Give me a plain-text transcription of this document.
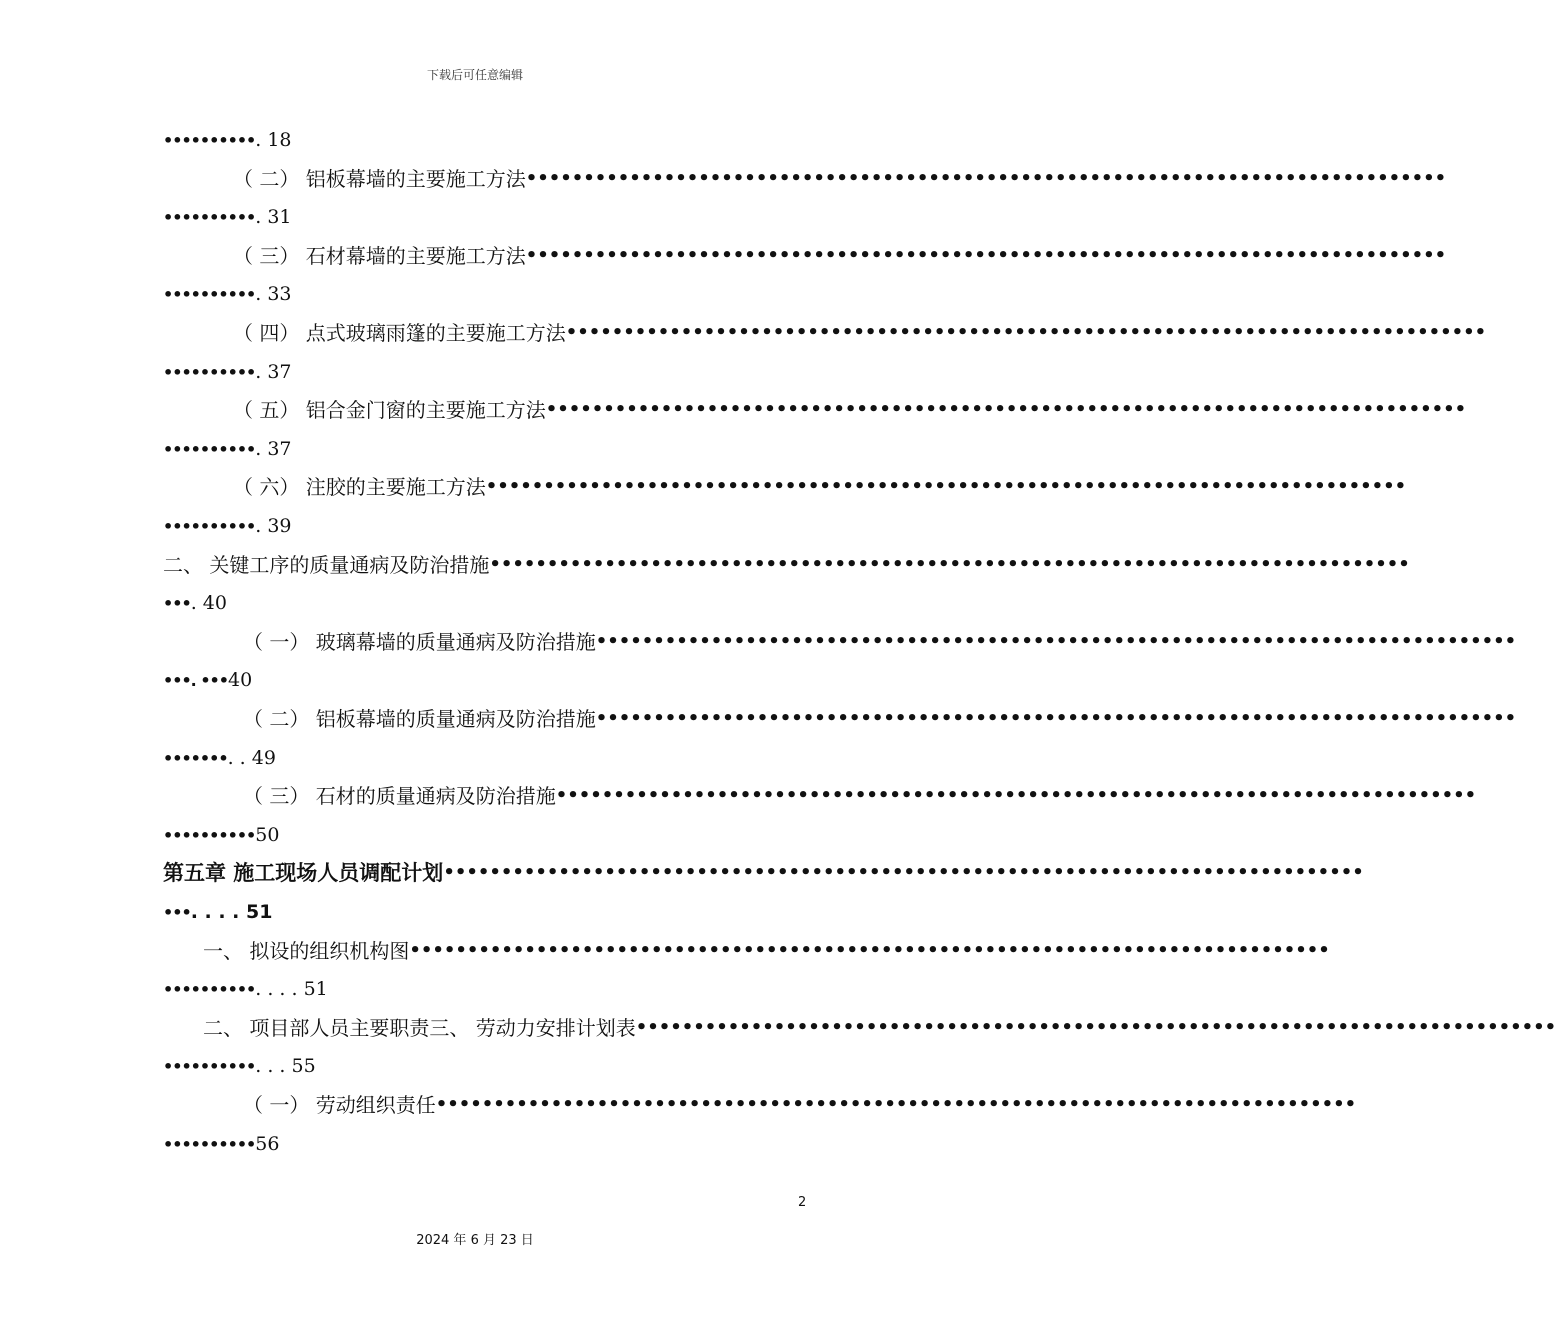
下载后可任意编辑
••••••••••. 18
（ 二） 铝板幕墙的主要施工方法 ••••••••••••••••••••••••••••••••••••••••••••••••••••••••••••••••••••••••••••••••
••••••••••. 31
（ 三） 石材幕墙的主要施工方法 ••••••••••••••••••••••••••••••••••••••••••••••••••••••••••••••••••••••••••••••••
••••••••••. 33
（ 四） 点式玻璃雨篷的主要施工方法 ••••••••••••••••••••••••••••••••••••••••••••••••••••••••••••••••••••••••••••••••
••••••••••. 37
（ 五） 铝合金门窗的主要施工方法 ••••••••••••••••••••••••••••••••••••••••••••••••••••••••••••••••••••••••••••••••
••••••••••. 37
（ 六） 注胶的主要施工方法 ••••••••••••••••••••••••••••••••••••••••••••••••••••••••••••••••••••••••••••••••
••••••••••. 39
二、 关键工序的质量通病及防治措施 ••••••••••••••••••••••••••••••••••••••••••••••••••••••••••••••••••••••••••••••••
•••. 40
（ 一） 玻璃幕墙的质量通病及防治措施 ••••••••••••••••••••••••••••••••••••••••••••••••••••••••••••••••••••••••••••••••
•••. •••40
（ 二） 铝板幕墙的质量通病及防治措施 ••••••••••••••••••••••••••••••••••••••••••••••••••••••••••••••••••••••••••••••••
•••••••. . 49
（ 三） 石材的质量通病及防治措施 ••••••••••••••••••••••••••••••••••••••••••••••••••••••••••••••••••••••••••••••••
••••••••••50
第五章 施工现场人员调配计划 ••••••••••••••••••••••••••••••••••••••••••••••••••••••••••••••••••••••••••••••••
•••. . . . 51
一、 拟设的组织机构图 ••••••••••••••••••••••••••••••••••••••••••••••••••••••••••••••••••••••••••••••••
••••••••••. . . . 51
二、 项目部人员主要职责三、 劳动力安排计划表 ••••••••••••••••••••••••••••••••••••••••••••••••••••••••••••••••••••••••••••••••
••••••••••. . . 55
（ 一） 劳动组织责任 ••••••••••••••••••••••••••••••••••••••••••••••••••••••••••••••••••••••••••••••••
••••••••••56
2
2024 年 6 月 23 日
